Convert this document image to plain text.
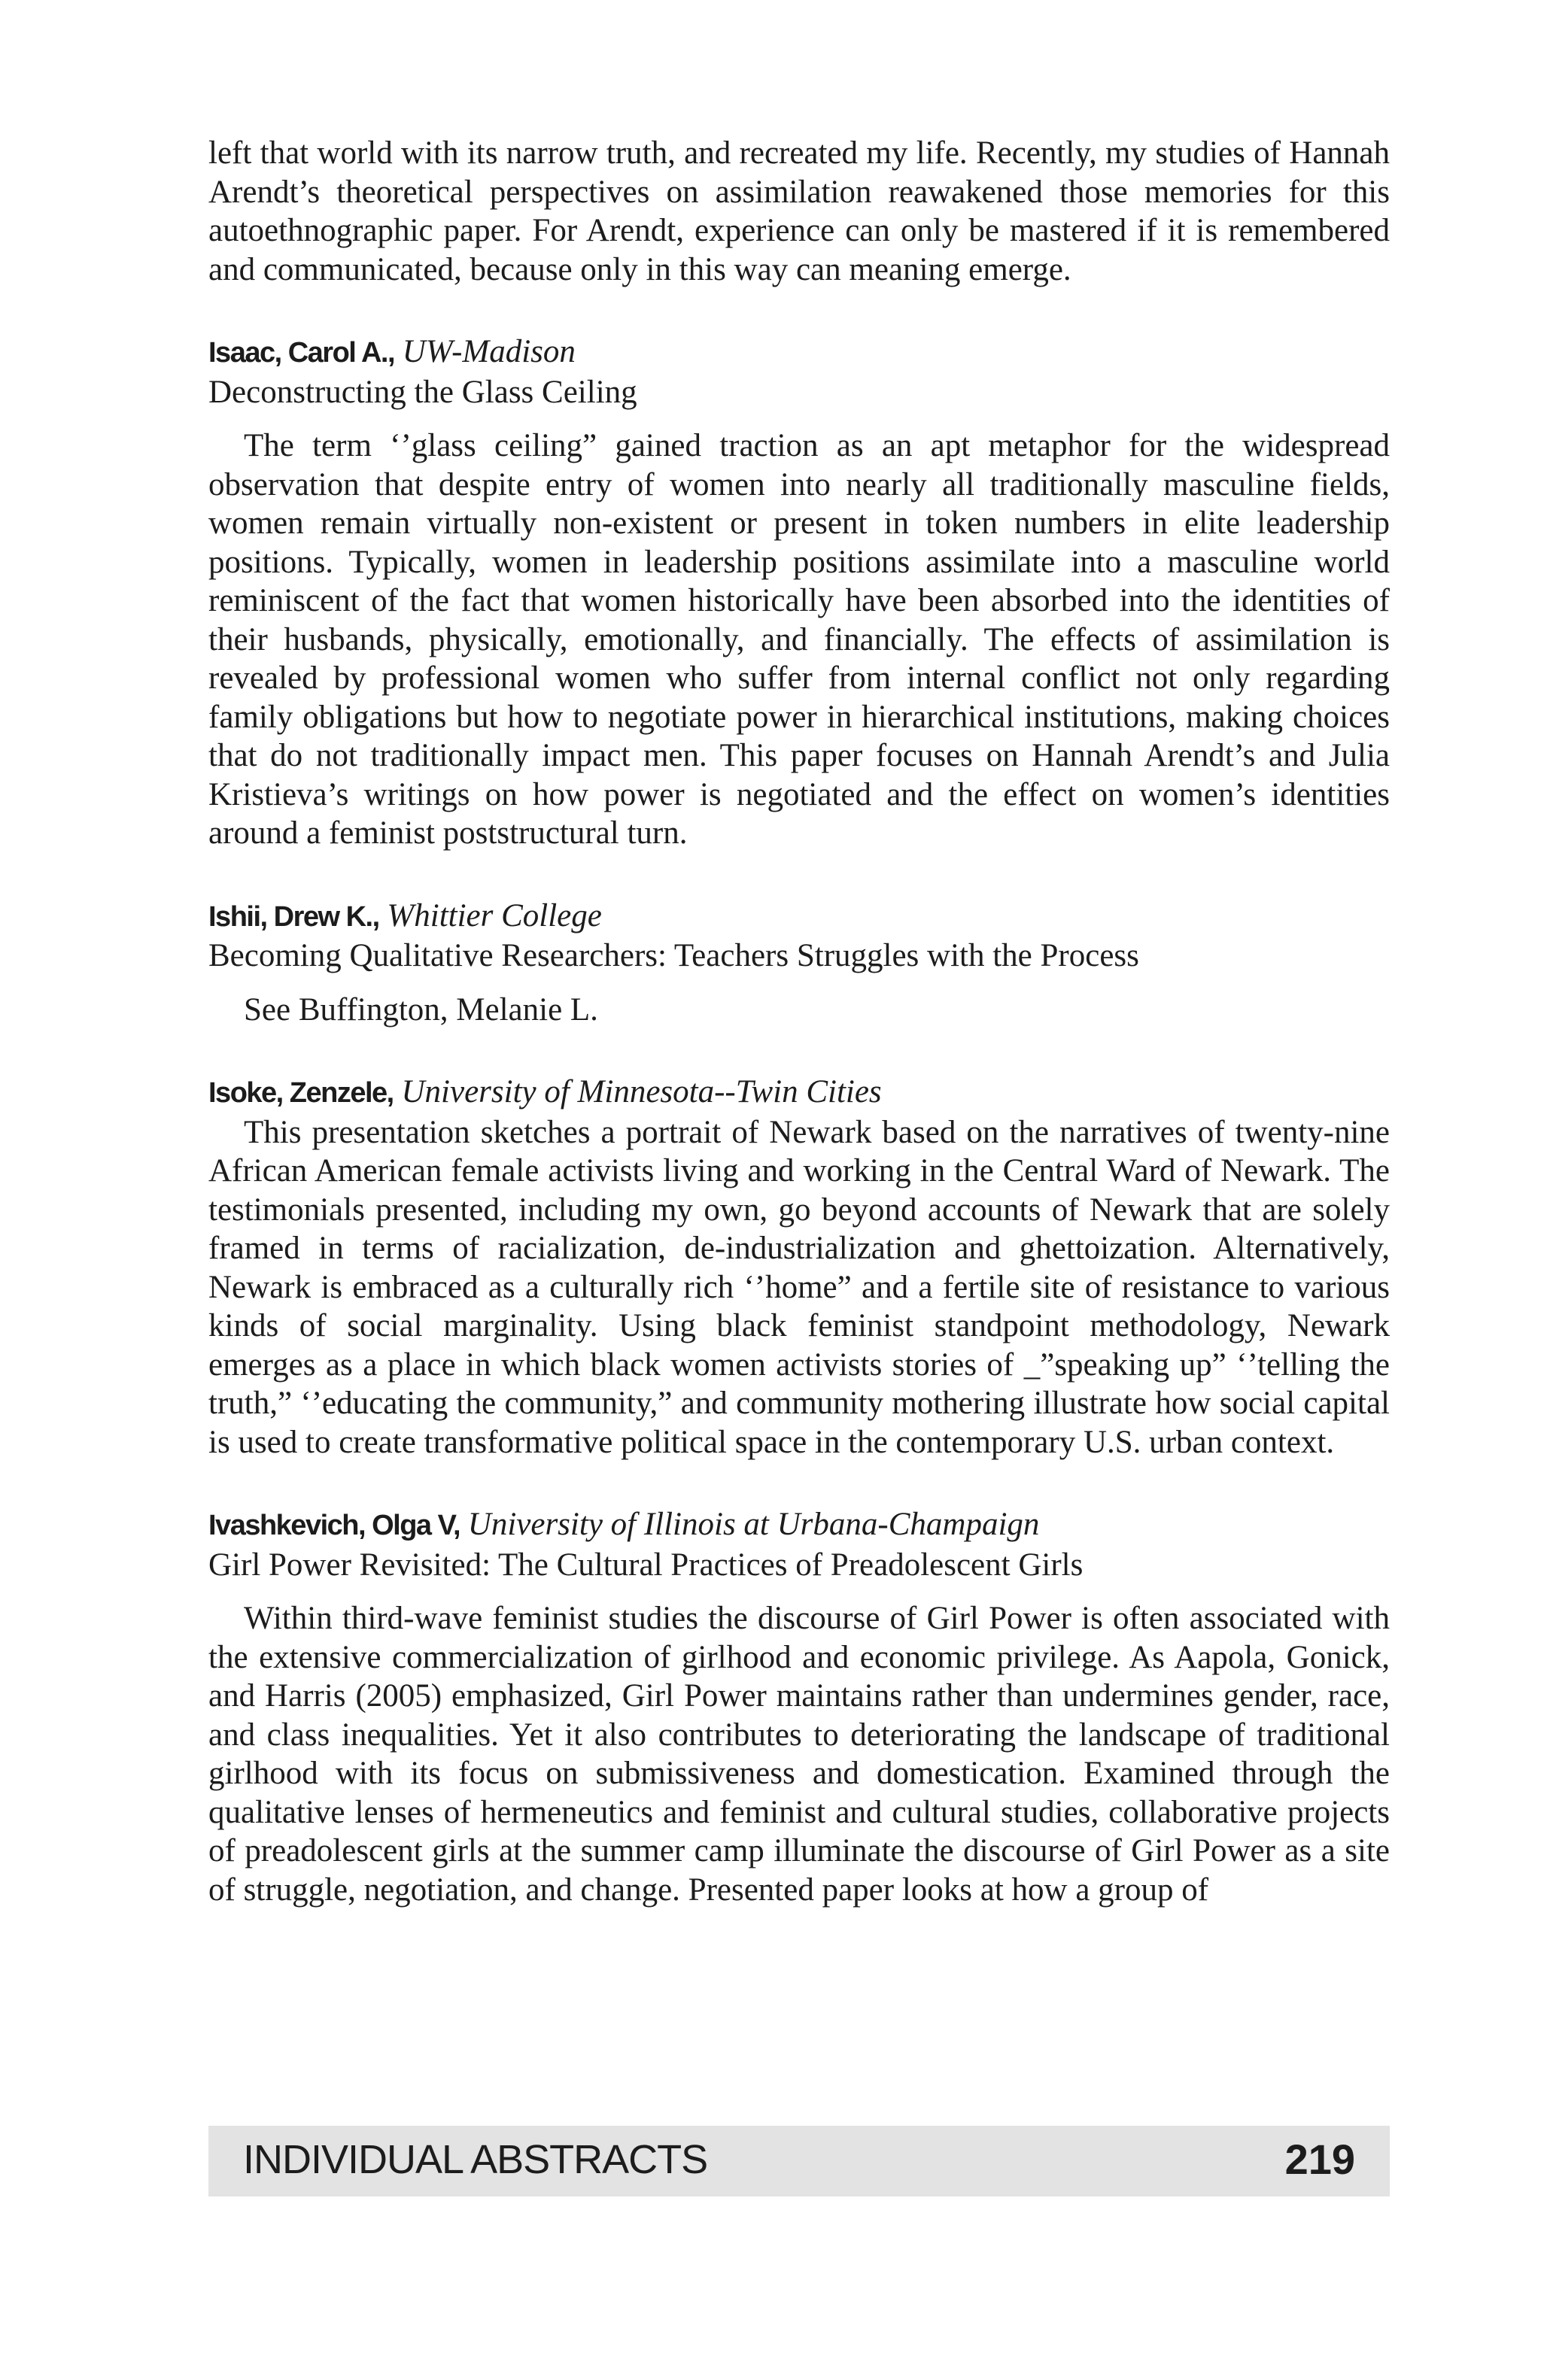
left that world with its narrow truth, and recreated my life. Recently, my studies of Hannah Arendt’s theoretical perspectives on assimilation reawakened those memories for this autoethnographic paper. For Arendt, experience can only be mastered if it is remembered and communicated, because only in this way can meaning emerge.

Isaac, Carol A., UW-Madison

Deconstructing the Glass Ceiling

The term ‘’glass ceiling” gained traction as an apt metaphor for the widespread observation that despite entry of women into nearly all traditionally masculine fields, women remain virtually non-existent or present in token numbers in elite leadership positions. Typically, women in leadership positions assimilate into a masculine world reminiscent of the fact that women historically have been absorbed into the identities of their husbands, physically, emotionally, and financially. The effects of assimilation is revealed by professional women who suffer from internal conflict not only regarding family obligations but how to negotiate power in hierarchical institutions, making choices that do not traditionally impact men. This paper focuses on Hannah Arendt’s and Julia Kristieva’s writings on how power is negotiated and the effect on women’s identities around a feminist poststructural turn.

Ishii, Drew K., Whittier College

Becoming Qualitative Researchers: Teachers Struggles with the Process

See Buffington, Melanie L.

Isoke, Zenzele, University of Minnesota--Twin Cities

This presentation sketches a portrait of Newark based on the narratives of twenty-nine African American female activists living and working in the Central Ward of Newark. The testimonials presented, including my own, go beyond accounts of Newark that are solely framed in terms of racialization, de-industrialization and ghettoization. Alternatively, Newark is embraced as a culturally rich ‘’home” and a fertile site of resistance to various kinds of social marginality. Using black feminist standpoint methodology, Newark emerges as a place in which black women activists stories of _”speaking up” ‘’telling the truth,” ‘’educating the community,” and community mothering illustrate how social capital is used to create transformative political space in the contemporary U.S. urban context.

Ivashkevich, Olga V, University of Illinois at Urbana-Champaign

Girl Power Revisited: The Cultural Practices of Preadolescent Girls

Within third-wave feminist studies the discourse of Girl Power is often associated with the extensive commercialization of girlhood and economic privilege. As Aapola, Gonick, and Harris (2005) emphasized, Girl Power maintains rather than undermines gender, race, and class inequalities. Yet it also contributes to deteriorating the landscape of traditional girlhood with its focus on submissiveness and domestication. Examined through the qualitative lenses of hermeneutics and feminist and cultural studies, collaborative projects of preadolescent girls at the summer camp illuminate the discourse of Girl Power as a site of struggle, negotiation, and change. Presented paper looks at how a group of

INDIVIDUAL ABSTRACTS	219
